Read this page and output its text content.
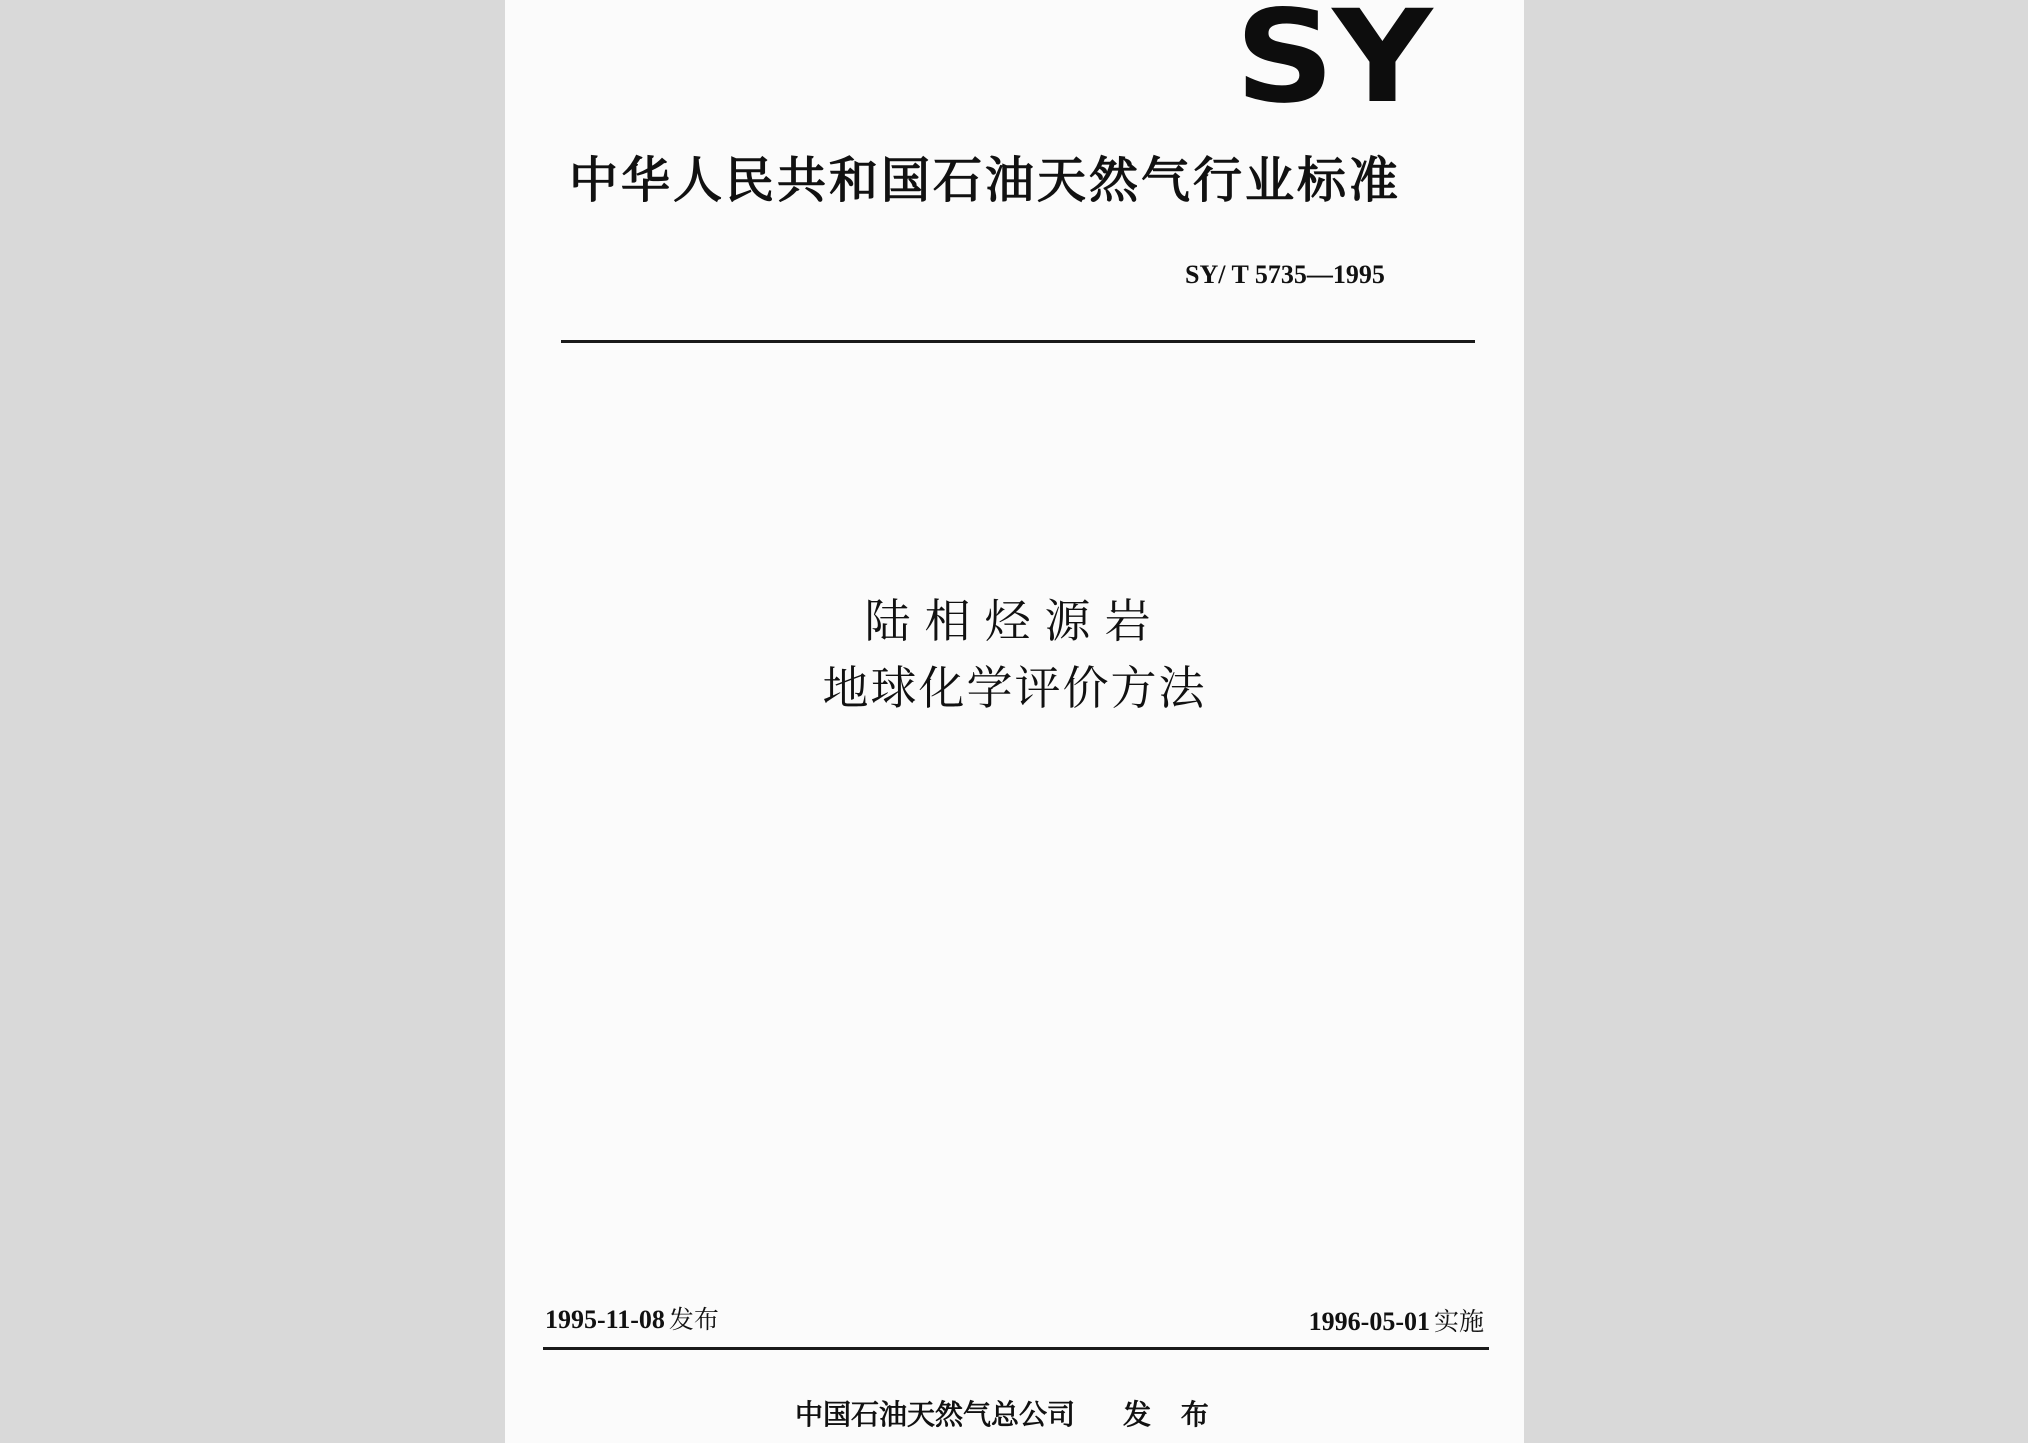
SY
中华人民共和国石油天然气行业标准
SY/ T 5735—1995
陆相烃源岩
地球化学评价方法
1995-11-08 发布	1996-05-01 实施
中国石油天然气总公司 发 布
